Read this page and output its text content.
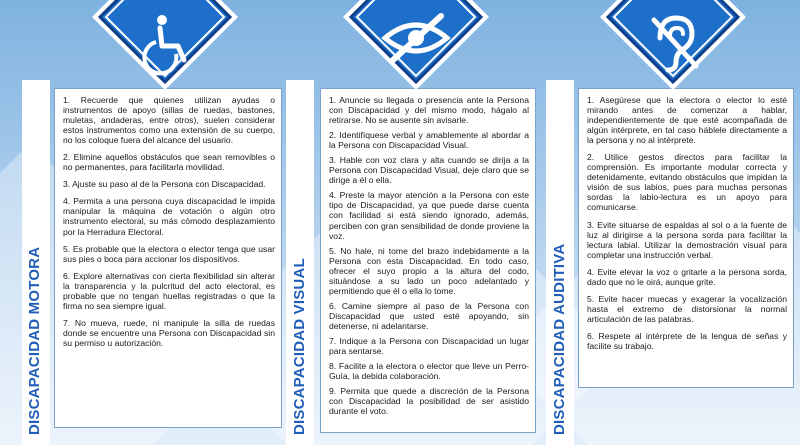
DISCAPACIDAD MOTORA

1. Recuerde que quienes utilizan ayudas o instrumentos de apoyo (sillas de ruedas, bastones, muletas, andaderas, entre otros), suelen considerar estos instrumentos como una extensión de su cuerpo, no los coloque fuera del alcance del usuario.

2. Elimine aquellos obstáculos que sean removibles o no permanentes, para facilitarla movilidad.

3. Ajuste su paso al de la Persona con Discapacidad.

4. Permita a una persona cuya discapacidad le impida manipular la máquina de votación o algún otro instrumento electoral, su más cómodo desplazamiento por la Herradura Electoral.

5. Es probable que la electora o elector tenga que usar sus pies o boca para accionar los dispositivos.

6. Explore alternativas con cierta flexibilidad sin alterar la transparencia y la pulcritud del acto electoral, es probable que no tengan huellas registradas o que la firma no sea siempre igual.

7. No mueva, ruede, ni manipule la silla de ruedas donde se encuentre una Persona con Discapacidad sin su permiso u autorización.	DISCAPACIDAD VISUAL

1. Anuncie su llegada o presencia ante la Persona con Discapacidad y del mismo modo, hágalo al retirarse. No se ausente sin avisarle.

2. Identifíquese verbal y amablemente al abordar a la Persona con Discapacidad Visual.

3. Hable con voz clara y alta cuando se dirija a la Persona con Discapacidad Visual, deje claro que se dirige a él o ella.

4. Preste la mayor atención a la Persona con este tipo de Discapacidad, ya que puede darse cuenta con facilidad si está siendo ignorado, además, perciben con gran sensibilidad de donde proviene la voz.

5. No hale, ni tome del brazo indebidamente a la Persona con esta Discapacidad. En todo caso, ofrecer el suyo propio a la altura del codo, situándose a su lado un poco adelantado y permitiendo que él o ella lo tome.

6. Camine siempre al paso de la Persona con Discapacidad que usted esté apoyando, sin detenerse, ni adelantarse.

7. Indique a la Persona con Discapacidad un lugar para sentarse.

8. Facilite a la electora o elector que lleve un Perro-Guía, la debida colaboración.

9. Permita que quede a discreción de la Persona con Discapacidad la posibilidad de ser asistido durante el voto.	DISCAPACIDAD AUDITIVA

1. Asegúrese que la electora o elector lo esté mirando antes de comenzar a hablar, independientemente de que esté acompañada de algún intérprete, en tal caso háblele directamente a la persona y no al intérprete.

2. Utilice gestos directos para facilitar la comprensión. Es importante modular correcta y detenidamente, evitando obstáculos que impidan la visión de sus labios, pues para muchas personas sordas la labio-lectura es un apoyo para comunicarse.

3. Evite situarse de espaldas al sol o a la fuente de luz al dirigirse a la persona sorda para facilitar la lectura labial. Utilizar la demostración visual para completar una instrucción verbal.

4. Evite elevar la voz o gritarle a la persona sorda, dado que no le oirá, aunque grite.

5. Evite hacer muecas y exagerar la vocalización hasta el extremo de distorsionar la normal articulación de las palabras.

6. Respete al intérprete de la lengua de señas y facilite su trabajo.
